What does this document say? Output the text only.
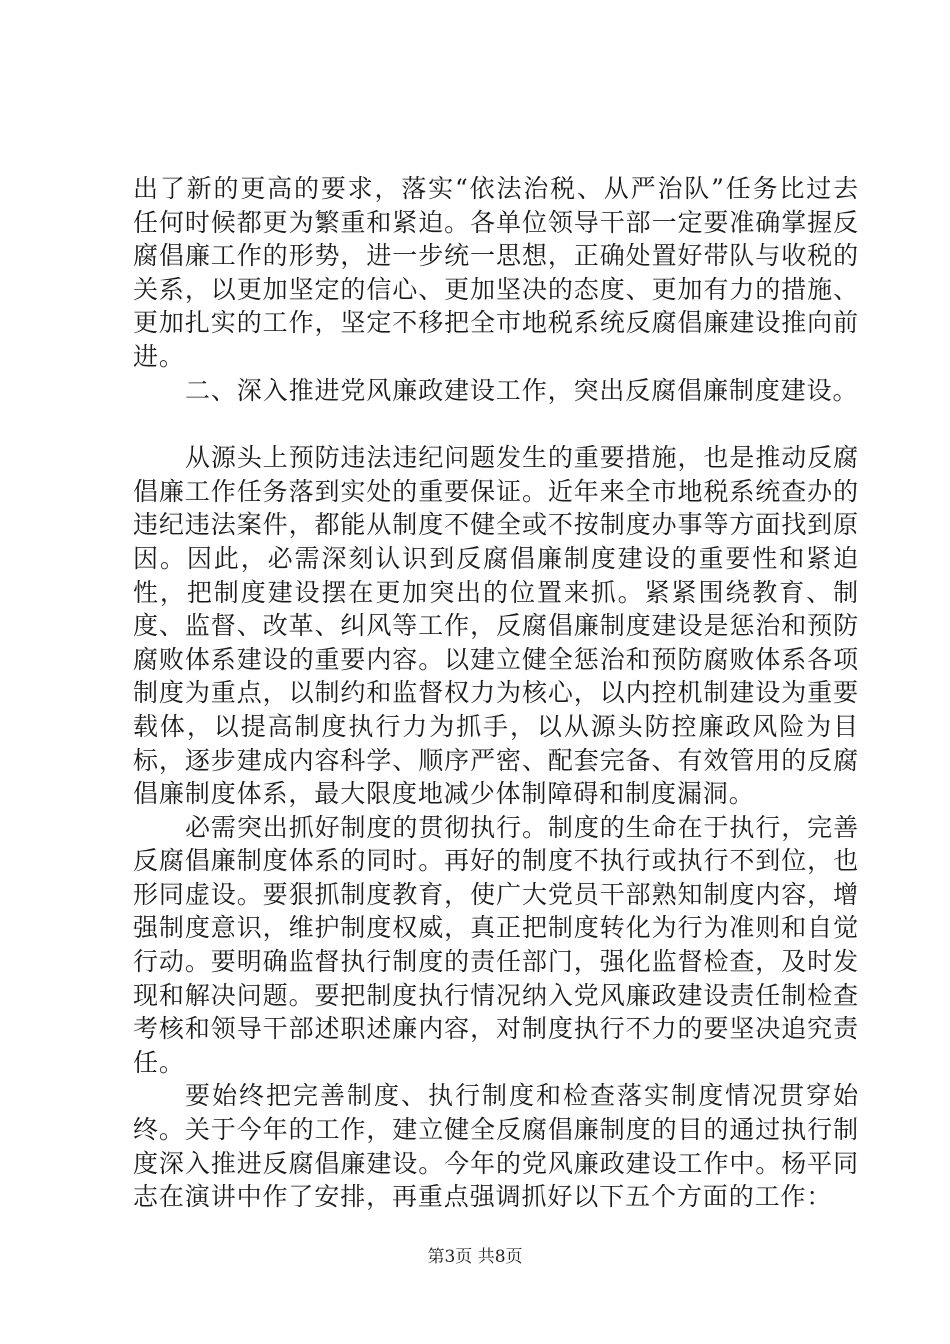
出了新的更高的要求，落实“依法治税、从严治队”任务比过去任何时候都更为繁重和紧迫。各单位领导干部一定要准确掌握反腐倡廉工作的形势，进一步统一思想，正确处置好带队与收税的关系，以更加坚定的信心、更加坚决的态度、更加有力的措施、更加扎实的工作，坚定不移把全市地税系统反腐倡廉建设推向前进。

二、深入推进党风廉政建设工作，突出反腐倡廉制度建设。

从源头上预防违法违纪问题发生的重要措施，也是推动反腐倡廉工作任务落到实处的重要保证。近年来全市地税系统查办的违纪违法案件，都能从制度不健全或不按制度办事等方面找到原因。因此，必需深刻认识到反腐倡廉制度建设的重要性和紧迫性，把制度建设摆在更加突出的位置来抓。紧紧围绕教育、制度、监督、改革、纠风等工作，反腐倡廉制度建设是惩治和预防腐败体系建设的重要内容。以建立健全惩治和预防腐败体系各项制度为重点，以制约和监督权力为核心，以内控机制建设为重要载体，以提高制度执行力为抓手，以从源头防控廉政风险为目标，逐步建成内容科学、顺序严密、配套完备、有效管用的反腐倡廉制度体系，最大限度地减少体制障碍和制度漏洞。

必需突出抓好制度的贯彻执行。制度的生命在于执行，完善反腐倡廉制度体系的同时。再好的制度不执行或执行不到位，也形同虚设。要狠抓制度教育，使广大党员干部熟知制度内容，增强制度意识，维护制度权威，真正把制度转化为行为准则和自觉行动。要明确监督执行制度的责任部门，强化监督检查，及时发现和解决问题。要把制度执行情况纳入党风廉政建设责任制检查考核和领导干部述职述廉内容，对制度执行不力的要坚决追究责任。

要始终把完善制度、执行制度和检查落实制度情况贯穿始终。关于今年的工作，建立健全反腐倡廉制度的目的通过执行制度深入推进反腐倡廉建设。今年的党风廉政建设工作中。杨平同志在演讲中作了安排，再重点强调抓好以下五个方面的工作：

第3页 共8页
